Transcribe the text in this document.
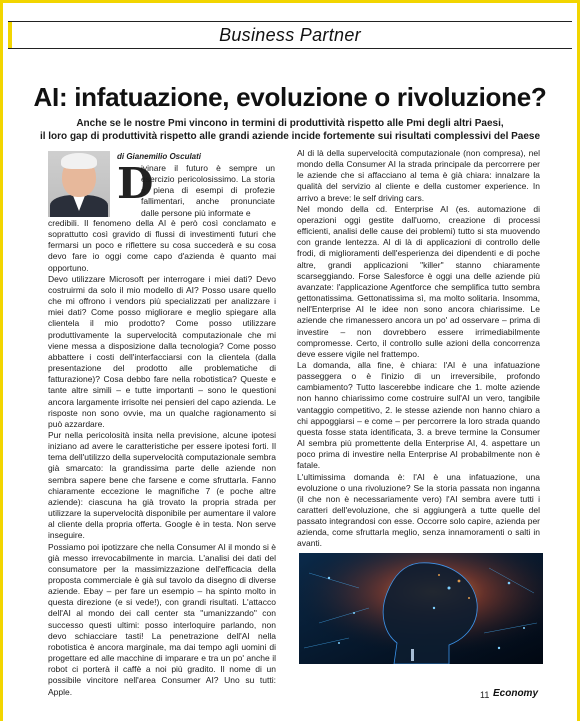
Business Partner
AI: infatuazione, evoluzione o rivoluzione?
Anche se le nostre Pmi vincono in termini di produttività rispetto alle Pmi degli altri Paesi,
il loro gap di produttività rispetto alle grandi aziende incide fortemente sui risultati complessivi del Paese
di Gianemilio Osculati
D

ivinare il futuro è sempre un esercizio pericolosissimo. La storia è piena di esempi di profezie fallimentari, anche pronunciate dalle persone più informate e

credibili. Il fenomeno della AI è però così conclamato e soprattutto così gravido di flussi di investimenti futuri che fermarsi un poco e riflettere su cosa succederà e su cosa devo fare io oggi come capo d'azienda è quanto mai opportuno.

Devo utilizzare Microsoft per interrogare i miei dati? Devo costruirmi da solo il mio modello di AI? Posso usare quello che mi offrono i vendors più specializzati per analizzare i miei dati? Come posso migliorare e meglio spiegare alla clientela il mio prodotto? Come posso utilizzare produttivamente la supervelocità computazionale che mi viene messa a disposizione dalla tecnologia? Come posso abbattere i costi dell'interfacciarsi con la clientela (dalla presentazione del prodotto alle problematiche di fatturazione)? Cosa debbo fare nella robotistica? Queste e tante altre simili – e tutte importanti – sono le questioni ancora largamente irrisolte nei pensieri del capo azienda. Le risposte non sono ovvie, ma un qualche ragionamento si può azzardare.

Pur nella pericolosità insita nella previsione, alcune ipotesi iniziano ad avere le caratteristiche per essere ipotesi forti. Il tema dell'utilizzo della supervelocità computazionale sembra già smarcato: la grandissima parte delle aziende non sembra sapere bene che farsene e come sfruttarla. Fanno chiaramente eccezione le magnifiche 7 (e poche altre aziende): ciascuna ha già trovato la propria strada per utilizzare la supervelocità disponibile per aumentare il valore al cliente della propria offerta. Google è in testa. Non serve inseguire.

Possiamo poi ipotizzare che nella Consumer AI il mondo si è già messo irrevocabilmente in marcia. L'analisi dei dati del consumatore per la massimizzazione dell'efficacia della proposta commerciale è già sul tavolo da disegno di diverse aziende. Ebay – per fare un esempio – ha spinto molto in questa direzione (e si vede!), con grandi risultati. L'attacco dell'AI al mondo dei call center sta "umanizzando" con successo questi ultimi: posso interloquire parlando, non devo schiacciare tasti! La penetrazione dell'AI nella robotistica è ancora marginale, ma dai tempo agli uomini di progettare ed alle macchine di imparare e tra un po' anche il robot ci porterà il caffè a noi più gradito. Il nome di un possibile vincitore nell'area Consumer AI? Uno su tutti: Apple.

Al di là della supervelocità computazionale (non compresa), nel mondo della Consumer AI la strada principale da percorrere per le aziende che si affacciano al tema è già chiara: innalzare la qualità del servizio al cliente e della customer experience. In arrivo a breve: le self driving cars.

Nel mondo della cd. Enterprise AI (es. automazione di operazioni oggi gestite dall'uomo, creazione di processi efficienti, analisi delle cause dei problemi) tutto si sta muovendo con grande lentezza. Al di là di applicazioni di controllo delle frodi, di miglioramenti dell'esperienza dei dipendenti e di poche altre, grandi applicazioni "killer" stanno chiaramente scarseggiando. Forse Salesforce è oggi una delle aziende più avanzate: l'applicazione Agentforce che semplifica tutto sembra gettonatissima. Gettonatissima sì, ma molto solitaria. Insomma, nell'Enterprise AI le idee non sono ancora chiarissime. Le aziende che rimanessero ancora un po' ad osservare – prima di investire – non dovrebbero essere irrimediabilmente compromesse. Certo, il controllo sulle azioni della concorrenza deve essere vigile nel frattempo.

La domanda, alla fine, è chiara: l'AI è una infatuazione passeggera o è l'inizio di un irreversibile, profondo cambiamento? Tutto lascerebbe indicare che 1. molte aziende non hanno chiarissimo come costruire sull'AI un vero, tangibile vantaggio competitivo, 2. le stesse aziende non hanno chiaro a chi appoggiarsi – e come – per percorrere la loro strada quando questa fosse stata identificata, 3. a breve termine la Consumer AI sembra più promettente della Enterprise AI, 4. aspettare un poco prima di investire nella Enterprise AI probabilmente non è fatale.

L'ultimissima domanda è: l'AI è una infatuazione, una evoluzione o una rivoluzione? Se la storia passata non inganna (il che non è necessariamente vero) l'AI sembra avere tutti i caratteri dell'evoluzione, che si aggiungerà a tutte quelle del passato integrandosi con esse. Occorre solo capire, azienda per azienda, come sfruttarla meglio, senza innamoramenti o salti in avanti.

11 Economy
